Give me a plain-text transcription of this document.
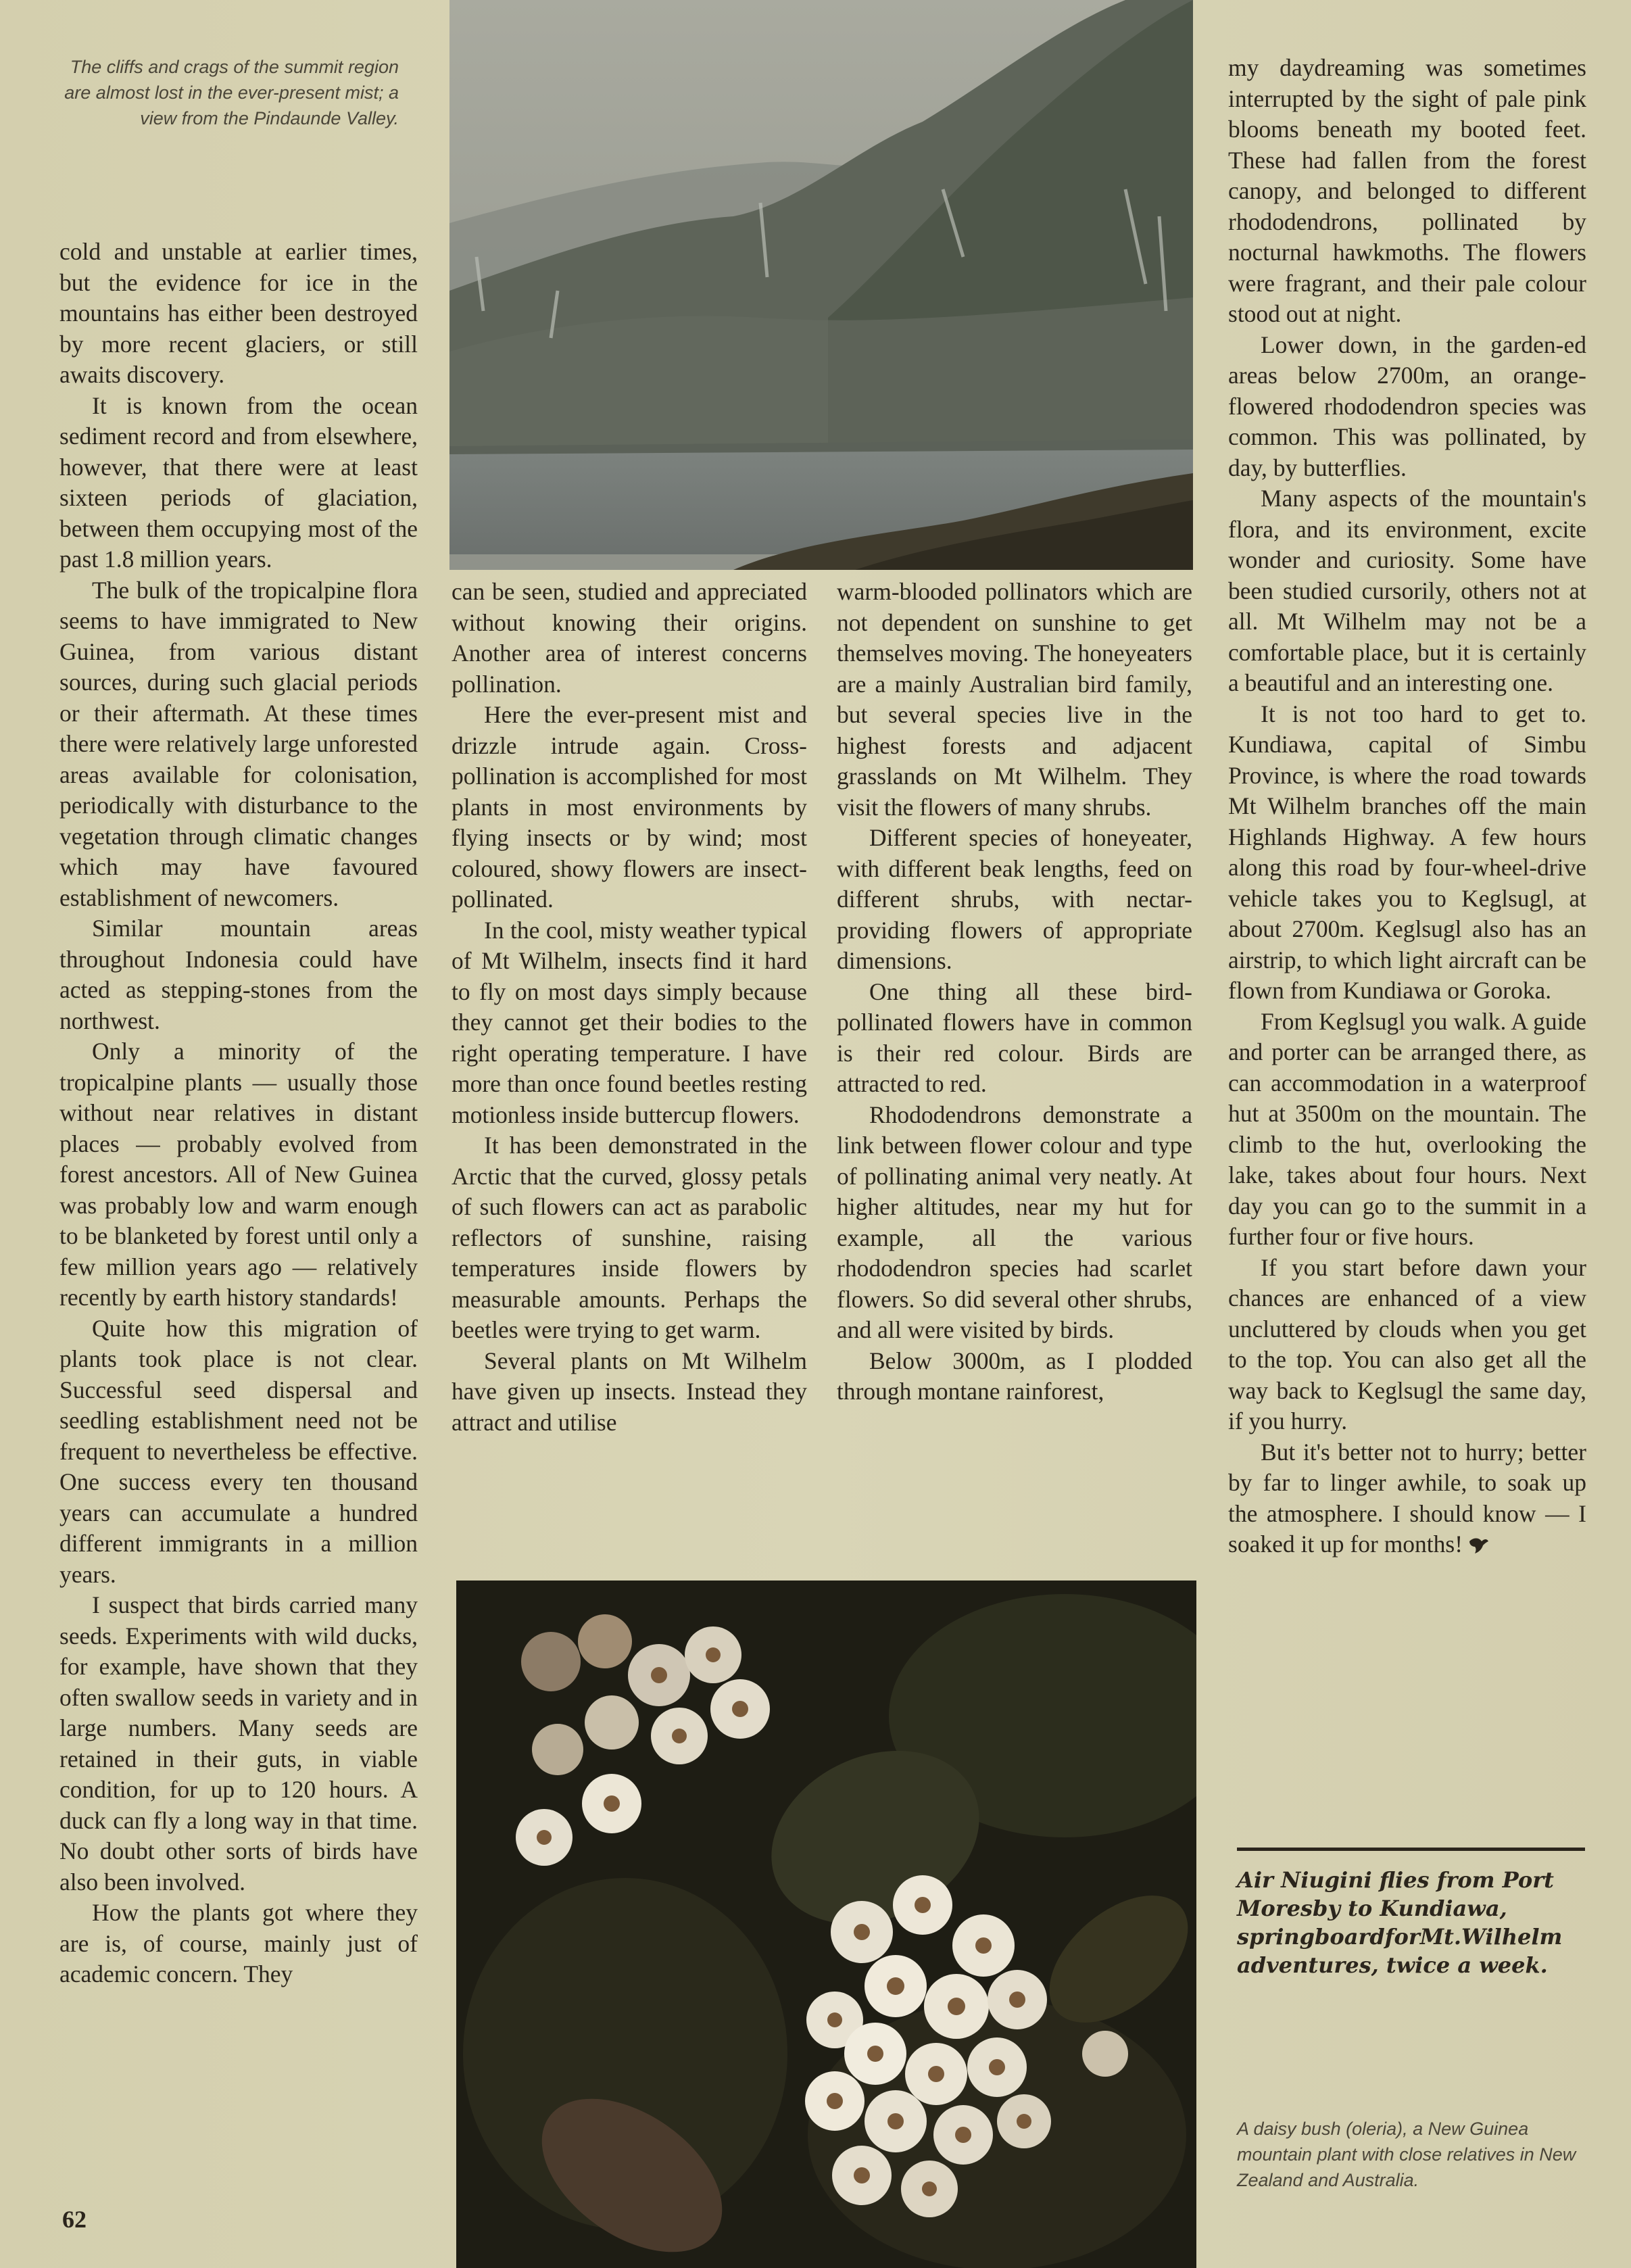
The cliffs and crags of the summit region are almost lost in the ever-present mist; a view from the Pindaunde Valley.

cold and unstable at earlier times, but the evidence for ice in the mountains has either been destroyed by more recent glaciers, or still awaits discovery.

It is known from the ocean sediment record and from elsewhere, however, that there were at least sixteen periods of glaciation, between them occupying most of the past 1.8 million years.

The bulk of the tropicalpine flora seems to have immigrated to New Guinea, from various distant sources, during such glacial periods or their aftermath. At these times there were relatively large unforested areas available for colonisation, periodically with disturbance to the vegetation through climatic changes which may have favoured establishment of newcomers.

Similar mountain areas throughout Indonesia could have acted as stepping-stones from the northwest.

Only a minority of the tropicalpine plants — usually those without near relatives in distant places — probably evolved from forest ancestors. All of New Guinea was probably low and warm enough to be blanketed by forest until only a few million years ago — relatively recently by earth history standards!

Quite how this migration of plants took place is not clear. Successful seed dispersal and seedling establishment need not be frequent to nevertheless be effective. One success every ten thousand years can accumulate a hundred different immigrants in a million years.

I suspect that birds carried many seeds. Experiments with wild ducks, for example, have shown that they often swallow seeds in variety and in large numbers. Many seeds are retained in their guts, in viable condition, for up to 120 hours. A duck can fly a long way in that time. No doubt other sorts of birds have also been involved.

How the plants got where they are is, of course, mainly just of academic concern. They

can be seen, studied and appreciated without knowing their origins. Another area of interest concerns pollination.

Here the ever-present mist and drizzle intrude again. Cross-pollination is accomplished for most plants in most environments by flying insects or by wind; most coloured, showy flowers are insect-pollinated.

In the cool, misty weather typical of Mt Wilhelm, insects find it hard to fly on most days simply because they cannot get their bodies to the right operating temperature. I have more than once found beetles resting motionless inside buttercup flowers.

It has been demonstrated in the Arctic that the curved, glossy petals of such flowers can act as parabolic reflectors of sunshine, raising temperatures inside flowers by measurable amounts. Perhaps the beetles were trying to get warm.

Several plants on Mt Wilhelm have given up insects. Instead they attract and utilise

warm-blooded pollinators which are not dependent on sunshine to get themselves moving. The honeyeaters are a mainly Australian bird family, but several species live in the highest forests and adjacent grasslands on Mt Wilhelm. They visit the flowers of many shrubs.

Different species of honeyeater, with different beak lengths, feed on different shrubs, with nectar-providing flowers of appropriate dimensions.

One thing all these bird-pollinated flowers have in common is their red colour. Birds are attracted to red.

Rhododendrons demonstrate a link between flower colour and type of pollinating animal very neatly. At higher altitudes, near my hut for example, all the various rhododendron species had scarlet flowers. So did several other shrubs, and all were visited by birds.

Below 3000m, as I plodded through montane rainforest,

my daydreaming was sometimes interrupted by the sight of pale pink blooms beneath my booted feet. These had fallen from the forest canopy, and belonged to different rhododendrons, pollinated by nocturnal hawkmoths. The flowers were fragrant, and their pale colour stood out at night.

Lower down, in the garden-ed areas below 2700m, an orange-flowered rhododendron species was common. This was pollinated, by day, by butterflies.

Many aspects of the mountain's flora, and its environment, excite wonder and curiosity. Some have been studied cursorily, others not at all. Mt Wilhelm may not be a comfortable place, but it is certainly a beautiful and an interesting one.

It is not too hard to get to. Kundiawa, capital of Simbu Province, is where the road towards Mt Wilhelm branches off the main Highlands Highway. A few hours along this road by four-wheel-drive vehicle takes you to Keglsugl, at about 2700m. Keglsugl also has an airstrip, to which light aircraft can be flown from Kundiawa or Goroka.

From Keglsugl you walk. A guide and porter can be arranged there, as can accommodation in a waterproof hut at 3500m on the mountain. The climb to the hut, overlooking the lake, takes about four hours. Next day you can go to the summit in a further four or five hours.

If you start before dawn your chances are enhanced of a view uncluttered by clouds when you get to the top. You can also get all the way back to Keglsugl the same day, if you hurry.

But it's better not to hurry; better by far to linger awhile, to soak up the atmosphere. I should know — I soaked it up for months!

Air Niugini flies from Port Moresby to Kundiawa, springboardforMt.Wilhelm adventures, twice a week.
A daisy bush (oleria), a New Guinea mountain plant with close relatives in New Zealand and Australia.
62
